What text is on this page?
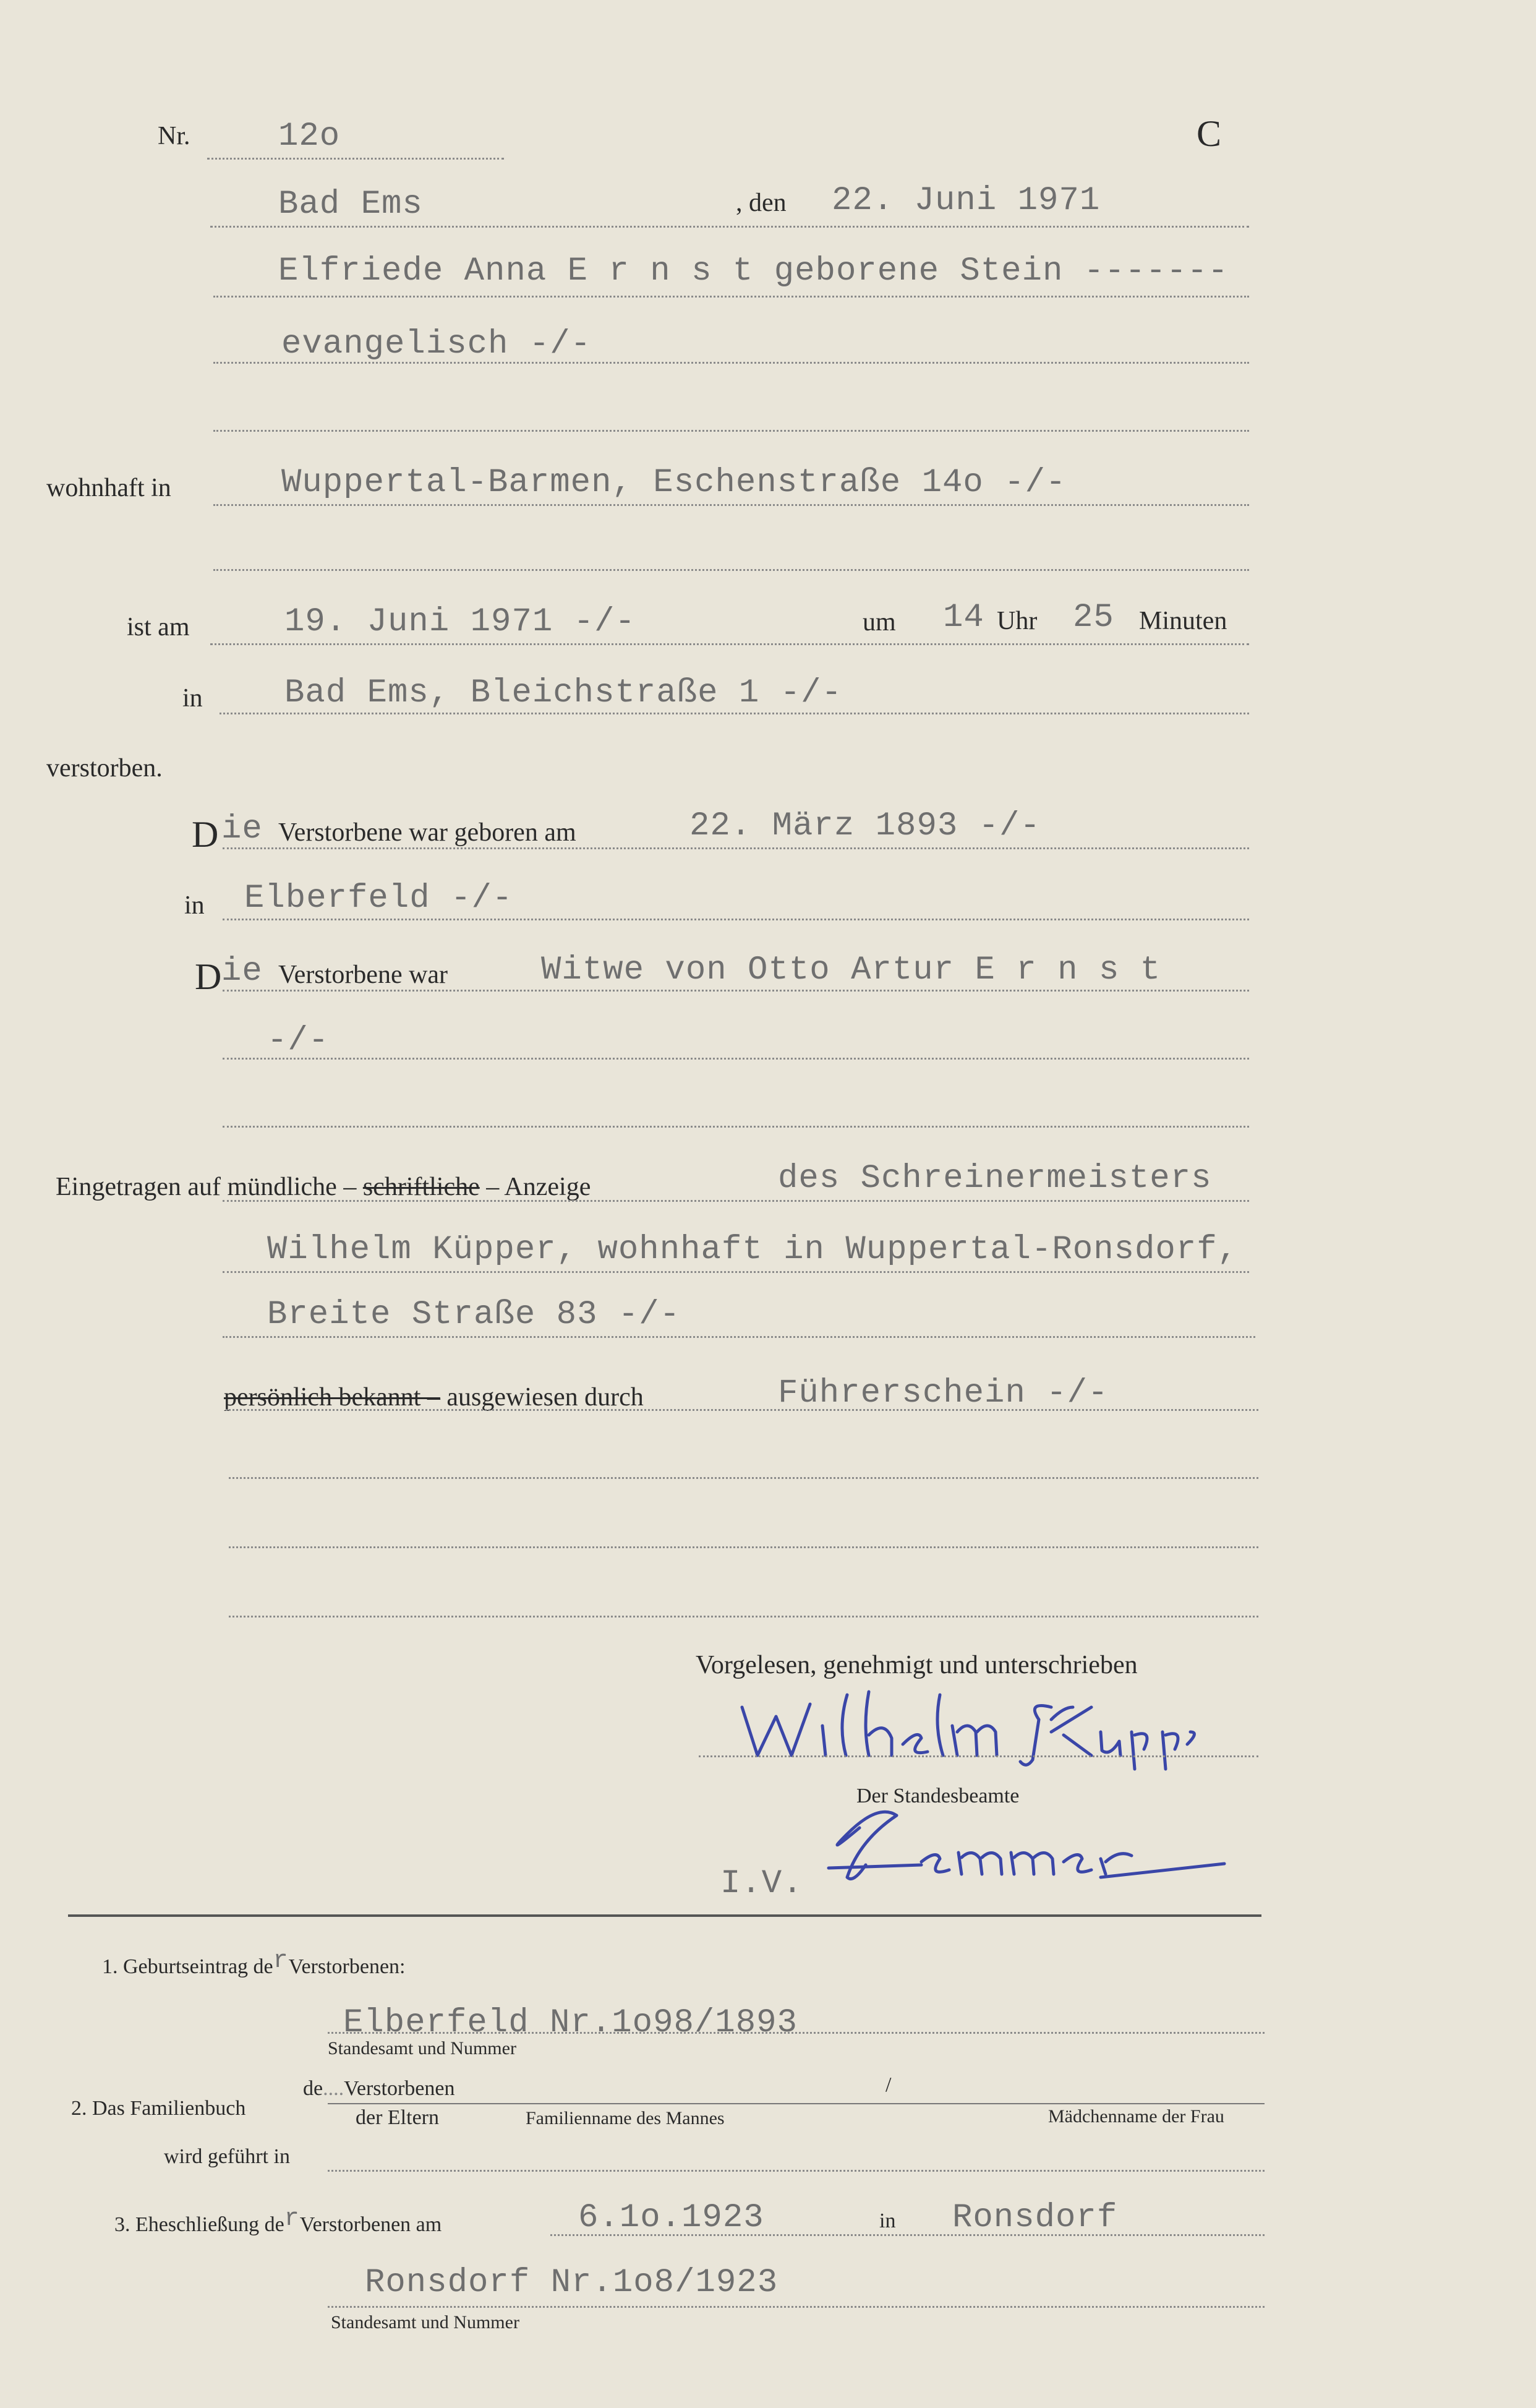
Nr.	12o	C
Bad Ems	, den 22. Juni 1971
Elfriede Anna E r n s t geborene Stein -------
evangelisch -/-
wohnhaft in	Wuppertal-Barmen, Eschenstraße 14o -/-
ist am	19. Juni 1971 -/-	um 14 Uhr 25 Minuten
in Bad Ems, Bleichstraße 1 -/-
verstorben.
D ie Verstorbene war geboren am	22. März 1893 -/-
in Elberfeld -/-
D ie Verstorbene war	Witwe von Otto Artur E r n s t
-/-
Eingetragen auf mündliche – schriftliche – Anzeige	des Schreinermeisters
Wilhelm Küpper, wohnhaft in Wuppertal-Ronsdorf,
Breite Straße 83 -/-
persönlich bekannt – ausgewiesen durch	Führerschein -/-
Vorgelesen, genehmigt und unterschrieben
Der Standesbeamte
I.V.
1. Geburtseintrag derVerstorbenen:
Elberfeld Nr.1o98/1893
Standesamt und Nummer
2. Das Familienbuch
de....Verstorbenen	/
der Eltern	Familienname des Mannes	Mädchenname der Frau
wird geführt in
3. Eheschließung derVerstorbenen am	6.1o.1923	in Ronsdorf
Ronsdorf Nr.1o8/1923
Standesamt und Nummer
